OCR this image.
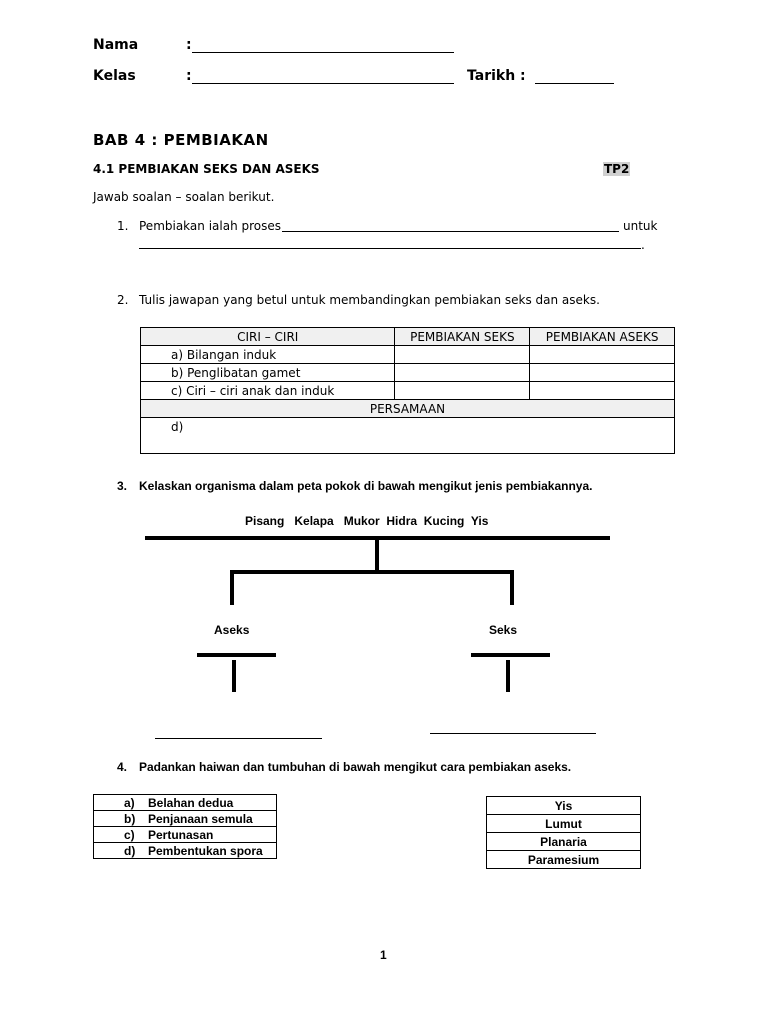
Nama	:
Kelas	:	Tarikh :
BAB 4 : PEMBIAKAN
4.1 PEMBIAKAN SEKS DAN ASEKS	TP2
Jawab soalan – soalan berikut.
1. Pembiakan ialah proses	untuk
.
2. Tulis jawapan yang betul untuk membandingkan pembiakan seks dan aseks.
CIRI – CIRI	PEMBIAKAN SEKS	PEMBIAKAN ASEKS
a) Bilangan induk		
b) Penglibatan gamet		
c) Ciri – ciri anak dan induk		
PERSAMAAN		
d)		
3. Kelaskan organisma dalam peta pokok di bawah mengikut jenis pembiakannya.
Pisang   Kelapa   Mukor  Hidra  Kucing  Yis
Aseks	Seks
4. Padankan haiwan dan tumbuhan di bawah mengikut cara pembiakan aseks.
a) Belahan dedua
b) Penjanaan semula
c) Pertunasan
d) Pembentukan spora
Yis
Lumut
Planaria
Paramesium
1
